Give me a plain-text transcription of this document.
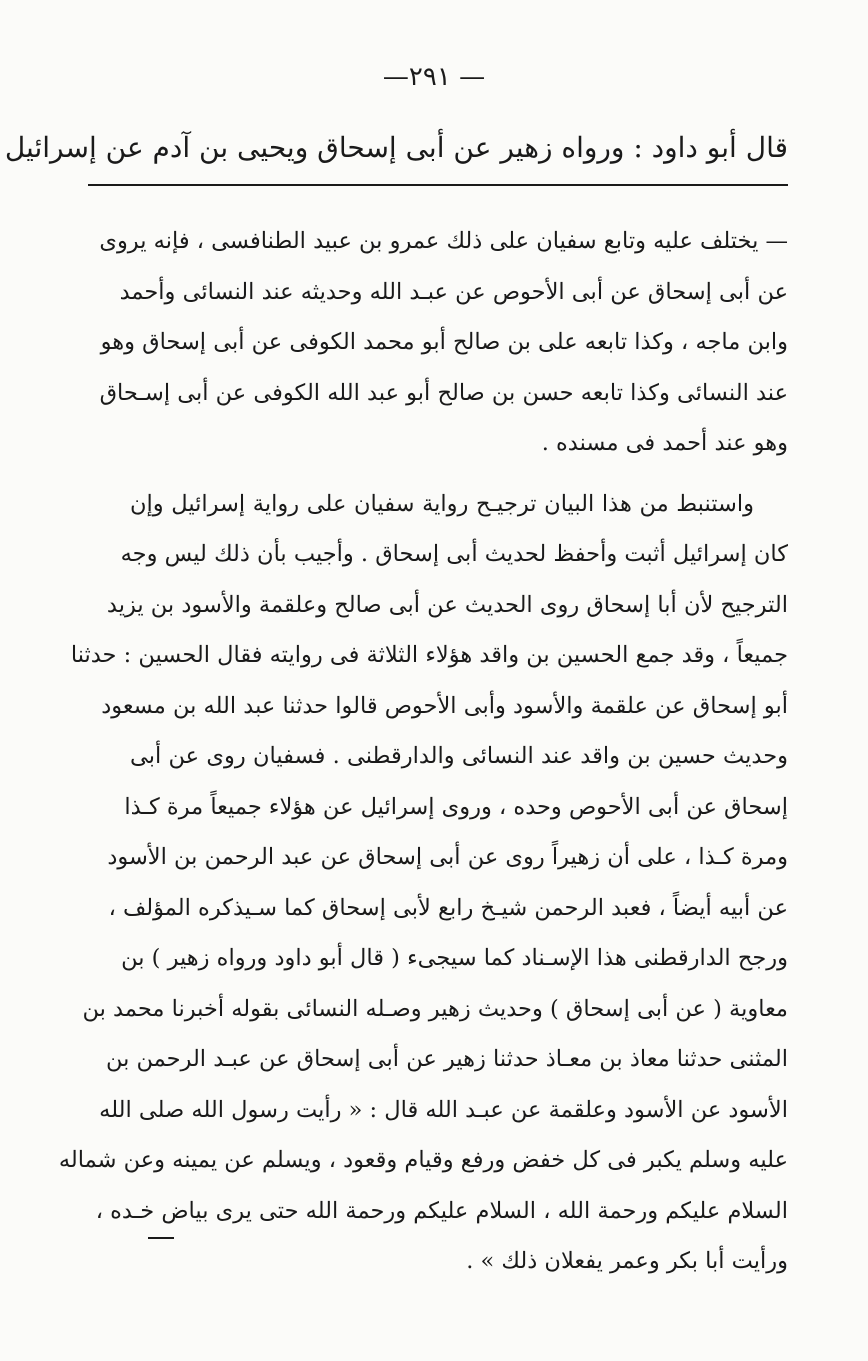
—۲۹۱ —
قال أبو داود : ورواه زهير عن أبى إسحاق ويحيى بن آدم عن إسرائيل
— يختلف عليه وتابع سفيان على ذلك عمرو بن عبيد الطنافسى ، فإنه يروى
عن أبى إسحاق عن أبى الأحوص عن عبـد الله وحديثه عند النسائى وأحمد
وابن ماجه ، وكذا تابعه على بن صالح أبو محمد الكوفى عن أبى إسحاق وهو
عند النسائى وكذا تابعه حسن بن صالح أبو عبد الله الكوفى عن أبى إسـحاق
وهو عند أحمد فى مسنده .
واستنبط من هذا البيان ترجيـح رواية سفيان على رواية إسرائيل وإن
كان إسرائيل أثبت وأحفظ لحديث أبى إسحاق . وأجيب بأن ذلك ليس وجه
الترجيح لأن أبا إسحاق روى الحديث عن أبى صالح وعلقمة والأسود بن يزيد
جميعاً ، وقد جمع الحسين بن واقد هؤلاء الثلاثة فى روايته فقال الحسين : حدثنا
أبو إسحاق عن علقمة والأسود وأبى الأحوص قالوا حدثنا عبد الله بن مسعود
وحديث حسين بن واقد عند النسائى والدارقطنى . فسفيان روى عن أبى
إسحاق عن أبى الأحوص وحده ، وروى إسرائيل عن هؤلاء جميعاً مرة كـذا
ومرة كـذا ، على أن زهيراً روى عن أبى إسحاق عن عبد الرحمن بن الأسود
عن أبيه أيضاً ، فعبد الرحمن شيـخ رابع لأبى إسحاق كما سـيذكره المؤلف ،
ورجح الدارقطنى هذا الإسـناد كما سيجىء ( قال أبو داود ورواه زهير ) بن
معاوية ( عن أبى إسحاق ) وحديث زهير وصـله النسائى بقوله أخبرنا محمد بن
المثنى حدثنا معاذ بن معـاذ حدثنا زهير عن أبى إسحاق عن عبـد الرحمن بن
الأسود عن الأسود وعلقمة عن عبـد الله قال : « رأيت رسول الله صلى الله
عليه وسلم يكبر فى كل خفض ورفع وقيام وقعود ، ويسلم عن يمينه وعن شماله
السلام عليكم ورحمة الله ، السلام عليكم ورحمة الله حتى يرى بياض خـده ،
ورأيت أبا بكر وعمر يفعلان ذلك » .
